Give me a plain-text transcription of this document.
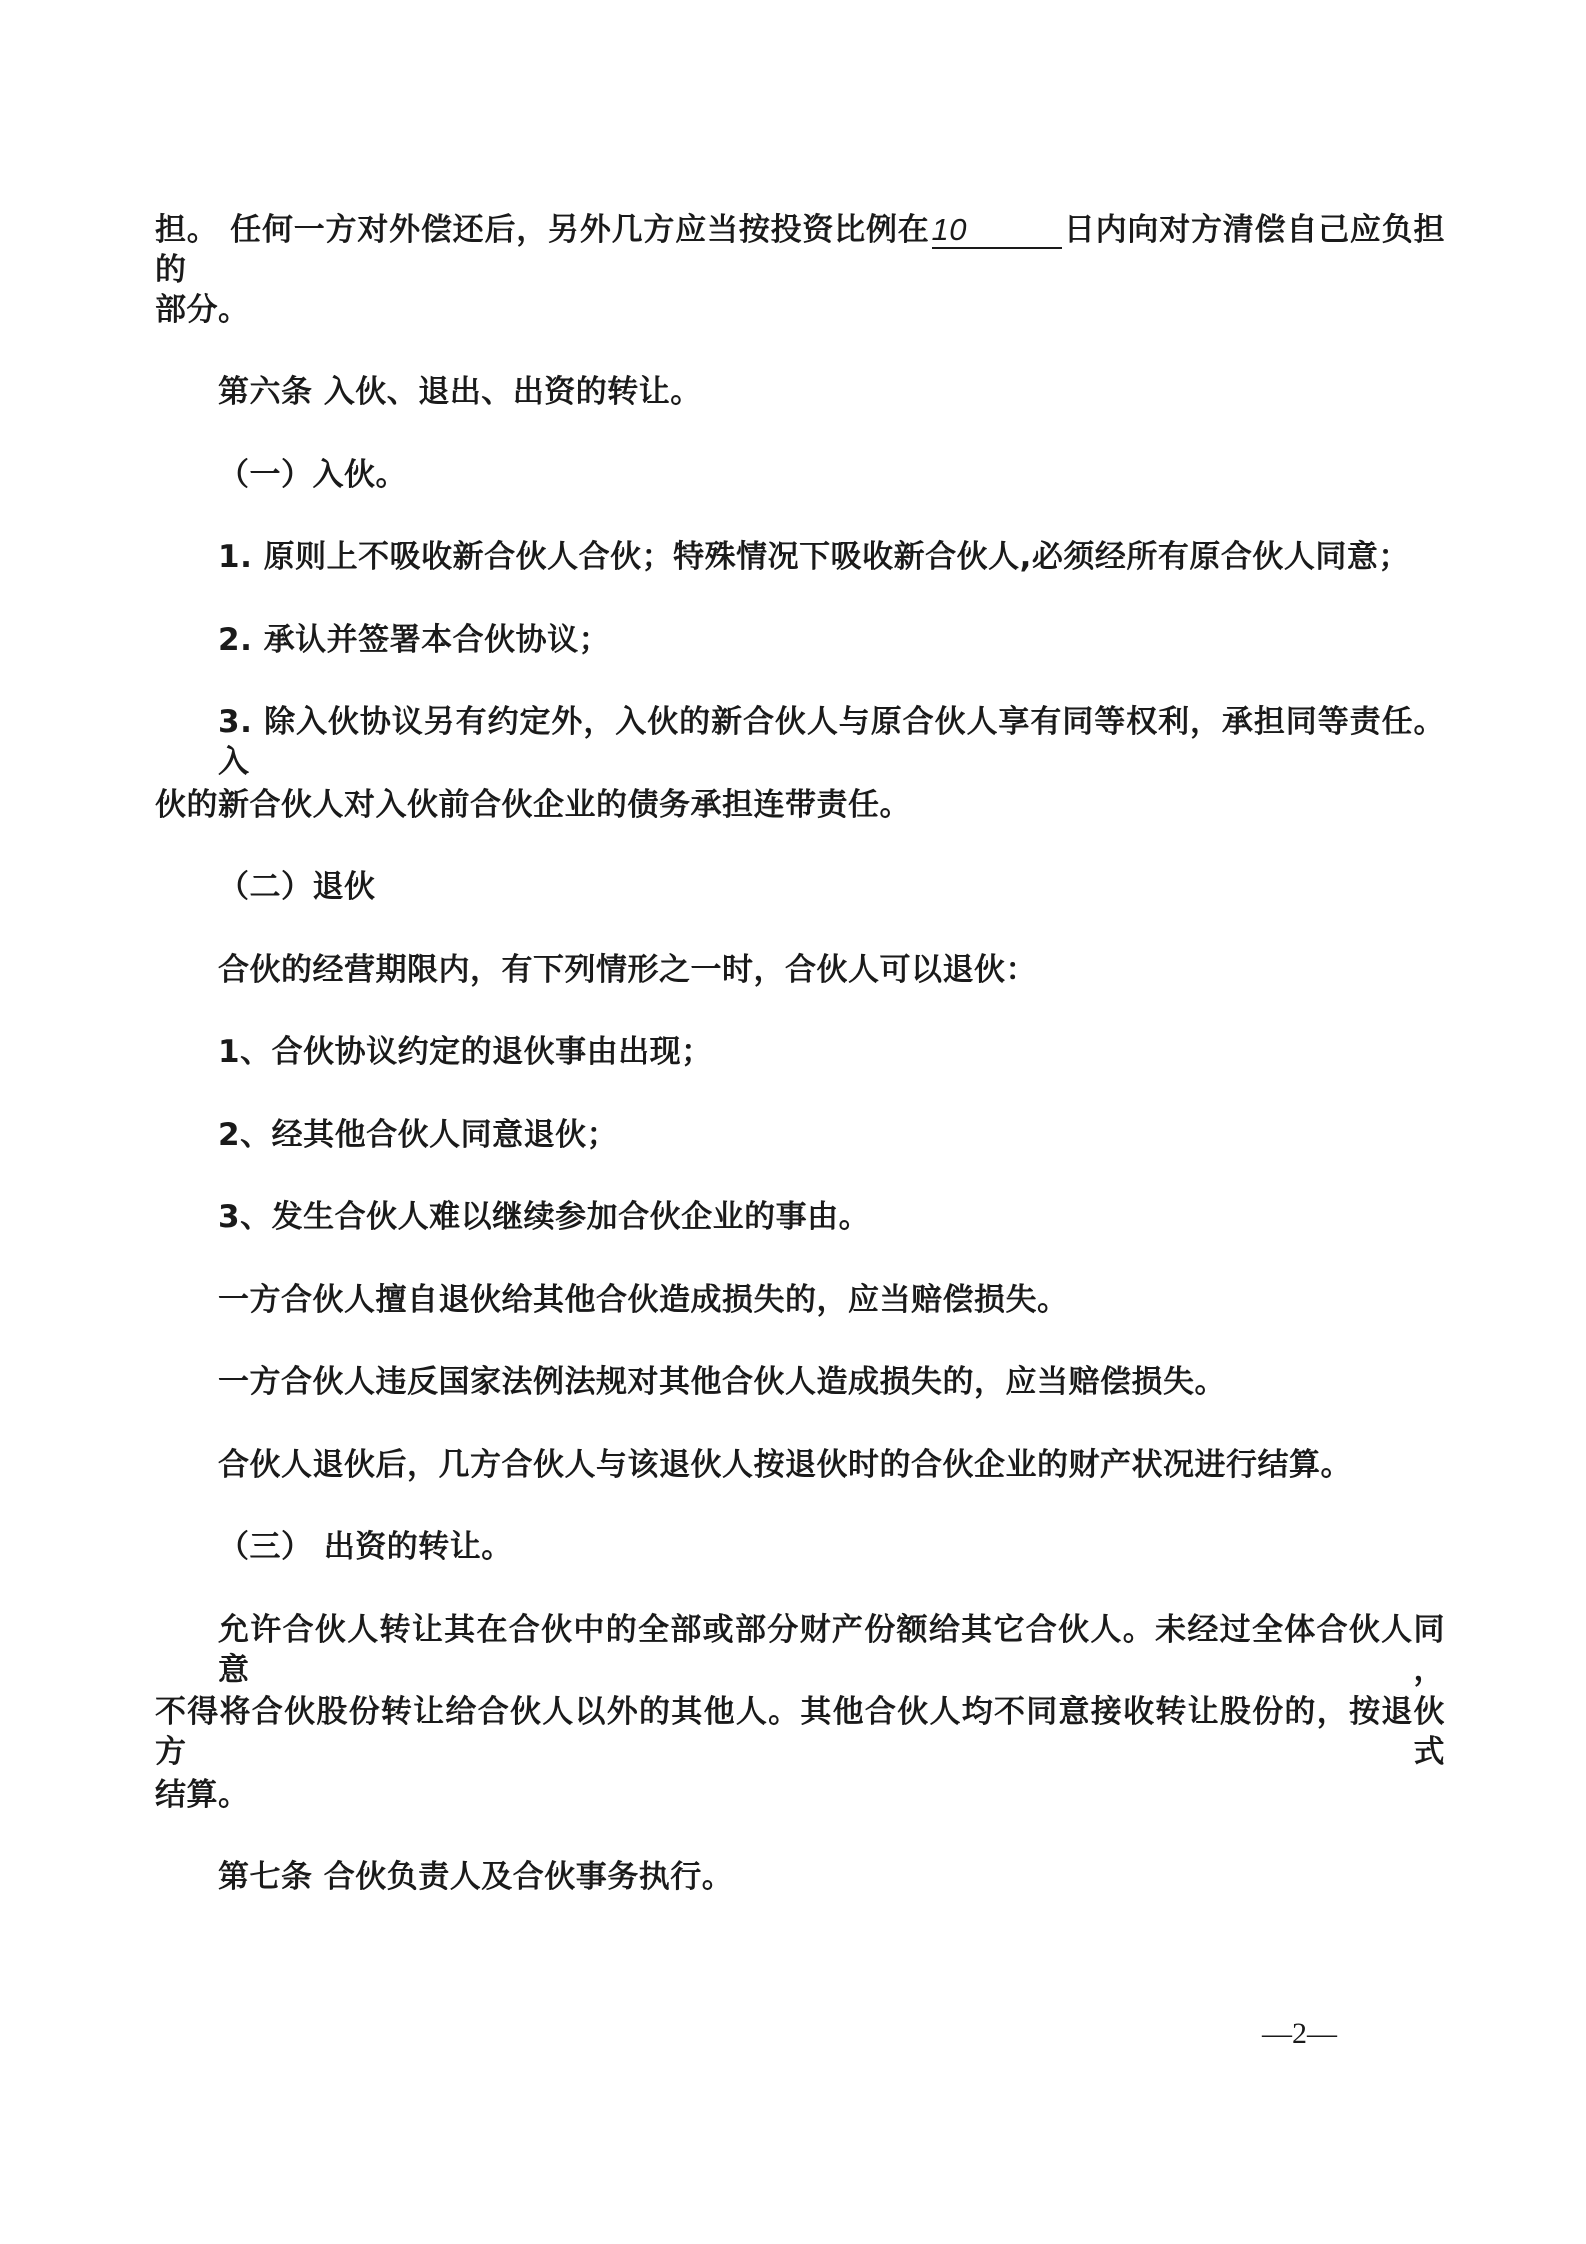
担。 任何一方对外偿还后，另外几方应当按投资比例在10	日内向对方清偿自己应负担的
部分。
第六条 入伙、退出、出资的转让。
（一）入伙。
1. 原则上不吸收新合伙人合伙；特殊情况下吸收新合伙人,必须经所有原合伙人同意；
2. 承认并签署本合伙协议；
3. 除入伙协议另有约定外，入伙的新合伙人与原合伙人享有同等权利，承担同等责任。入
伙的新合伙人对入伙前合伙企业的债务承担连带责任。
（二）退伙
合伙的经营期限内，有下列情形之一时，合伙人可以退伙：
1、合伙协议约定的退伙事由出现；
2、经其他合伙人同意退伙；
3、发生合伙人难以继续参加合伙企业的事由。
一方合伙人擅自退伙给其他合伙造成损失的，应当赔偿损失。
一方合伙人违反国家法例法规对其他合伙人造成损失的，应当赔偿损失。
合伙人退伙后，几方合伙人与该退伙人按退伙时的合伙企业的财产状况进行结算。
（三） 出资的转让。
允许合伙人转让其在合伙中的全部或部分财产份额给其它合伙人。未经过全体合伙人同意，
不得将合伙股份转让给合伙人以外的其他人。其他合伙人均不同意接收转让股份的，按退伙方式
结算。
第七条 合伙负责人及合伙事务执行。
—2—
